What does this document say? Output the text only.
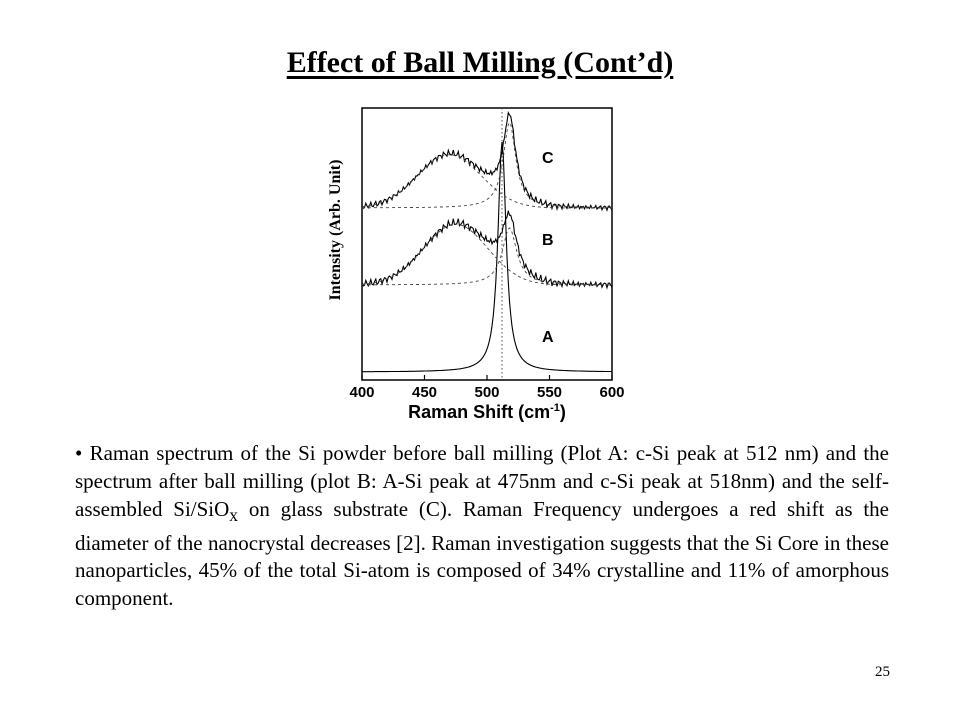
Effect of Ball Milling (Cont’d)
A
B
C
400 450 500 550 600
Intensity (Arb. Unit)
Raman Shift $(cm^{-1})$
• Raman spectrum of the Si powder before ball milling (Plot A: c-Si peak at 512 nm) and the spectrum after ball milling (plot B: A-Si peak at 475nm and c-Si peak at 518nm) and the self-assembled Si/SiO$_x$ on glass substrate (C). Raman Frequency undergoes a red shift as the diameter of the nanocrystal decreases [2]. Raman investigation suggests that the Si Core in these nanoparticles, 45% of the total Si-atom is composed of 34% crystalline and 11% of amorphous component.
25
